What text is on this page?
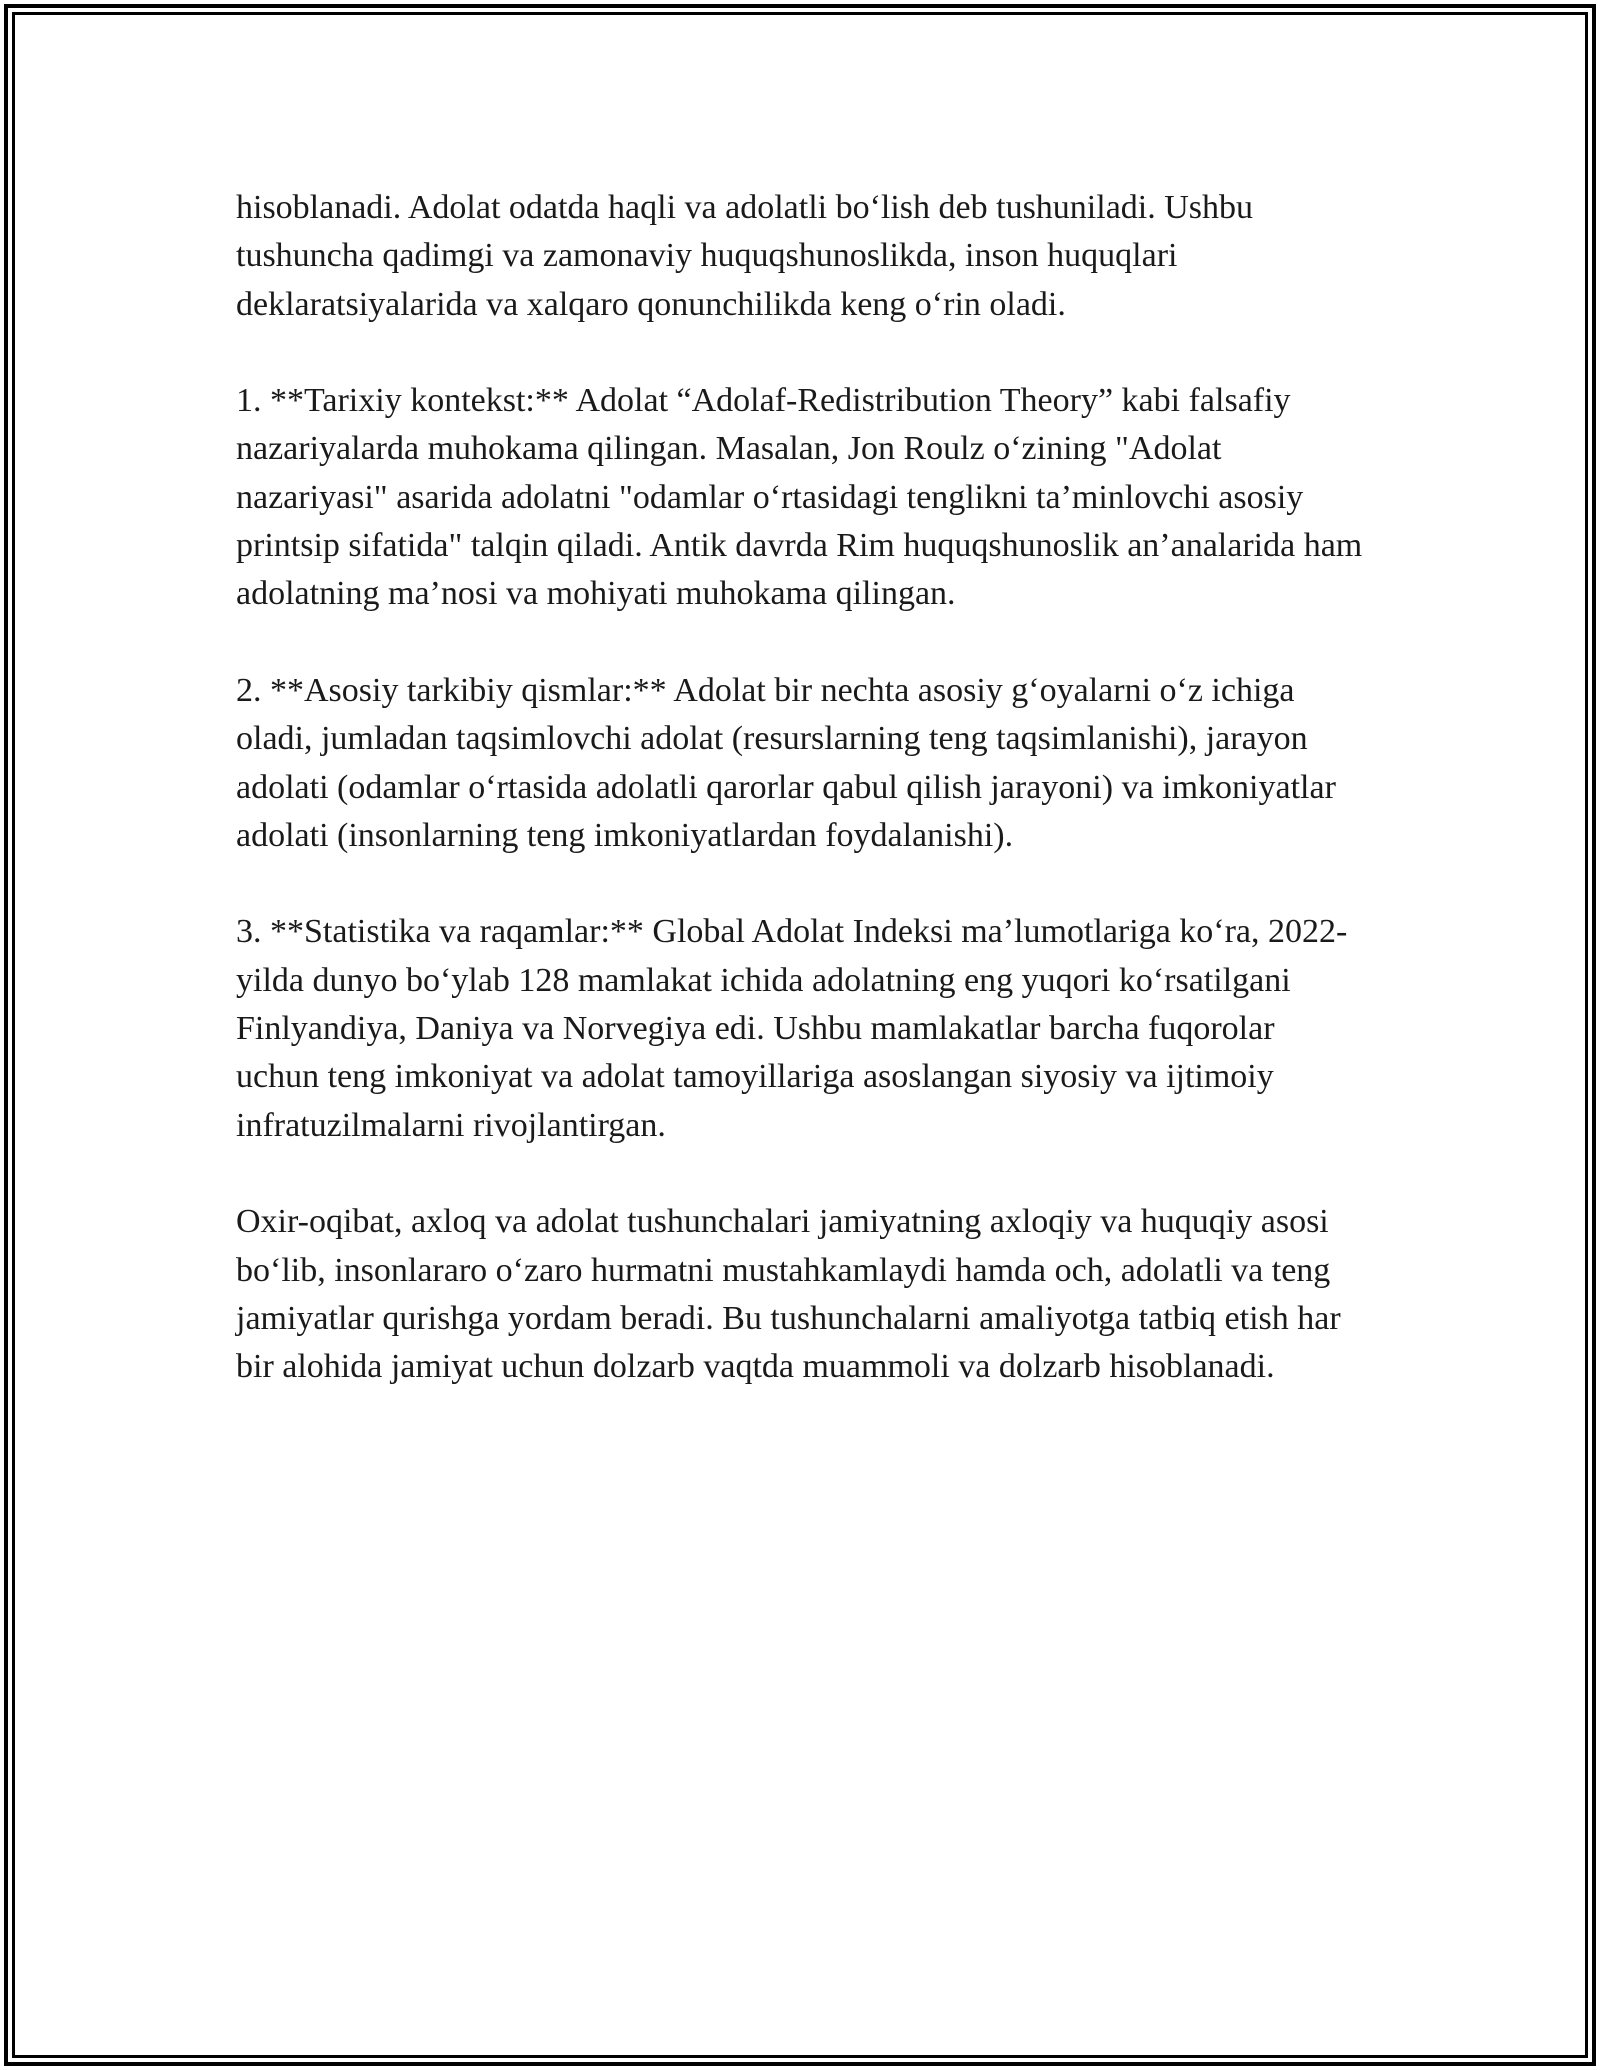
hisoblanadi. Adolat odatda haqli va adolatli bo‘lish deb tushuniladi. Ushbu tushuncha qadimgi va zamonaviy huquqshunoslikda, inson huquqlari deklaratsiyalarida va xalqaro qonunchilikda keng o‘rin oladi.

1. **Tarixiy kontekst:** Adolat “Adolaf-Redistribution Theory” kabi falsafiy nazariyalarda muhokama qilingan. Masalan, Jon Roulz o‘zining "Adolat nazariyasi" asarida adolatni "odamlar o‘rtasidagi tenglikni ta’minlovchi asosiy printsip sifatida" talqin qiladi. Antik davrda Rim huquqshunoslik an’analarida ham adolatning ma’nosi va mohiyati muhokama qilingan.

2. **Asosiy tarkibiy qismlar:** Adolat bir nechta asosiy g‘oyalarni o‘z ichiga oladi, jumladan taqsimlovchi adolat (resurslarning teng taqsimlanishi), jarayon adolati (odamlar o‘rtasida adolatli qarorlar qabul qilish jarayoni) va imkoniyatlar adolati (insonlarning teng imkoniyatlardan foydalanishi).

3. **Statistika va raqamlar:** Global Adolat Indeksi ma’lumotlariga ko‘ra, 2022-yilda dunyo bo‘ylab 128 mamlakat ichida adolatning eng yuqori ko‘rsatilgani Finlyandiya, Daniya va Norvegiya edi. Ushbu mamlakatlar barcha fuqorolar uchun teng imkoniyat va adolat tamoyillariga asoslangan siyosiy va ijtimoiy infratuzilmalarni rivojlantirgan.

Oxir-oqibat, axloq va adolat tushunchalari jamiyatning axloqiy va huquqiy asosi bo‘lib, insonlararo o‘zaro hurmatni mustahkamlaydi hamda och, adolatli va teng jamiyatlar qurishga yordam beradi. Bu tushunchalarni amaliyotga tatbiq etish har bir alohida jamiyat uchun dolzarb vaqtda muammoli va dolzarb hisoblanadi.
